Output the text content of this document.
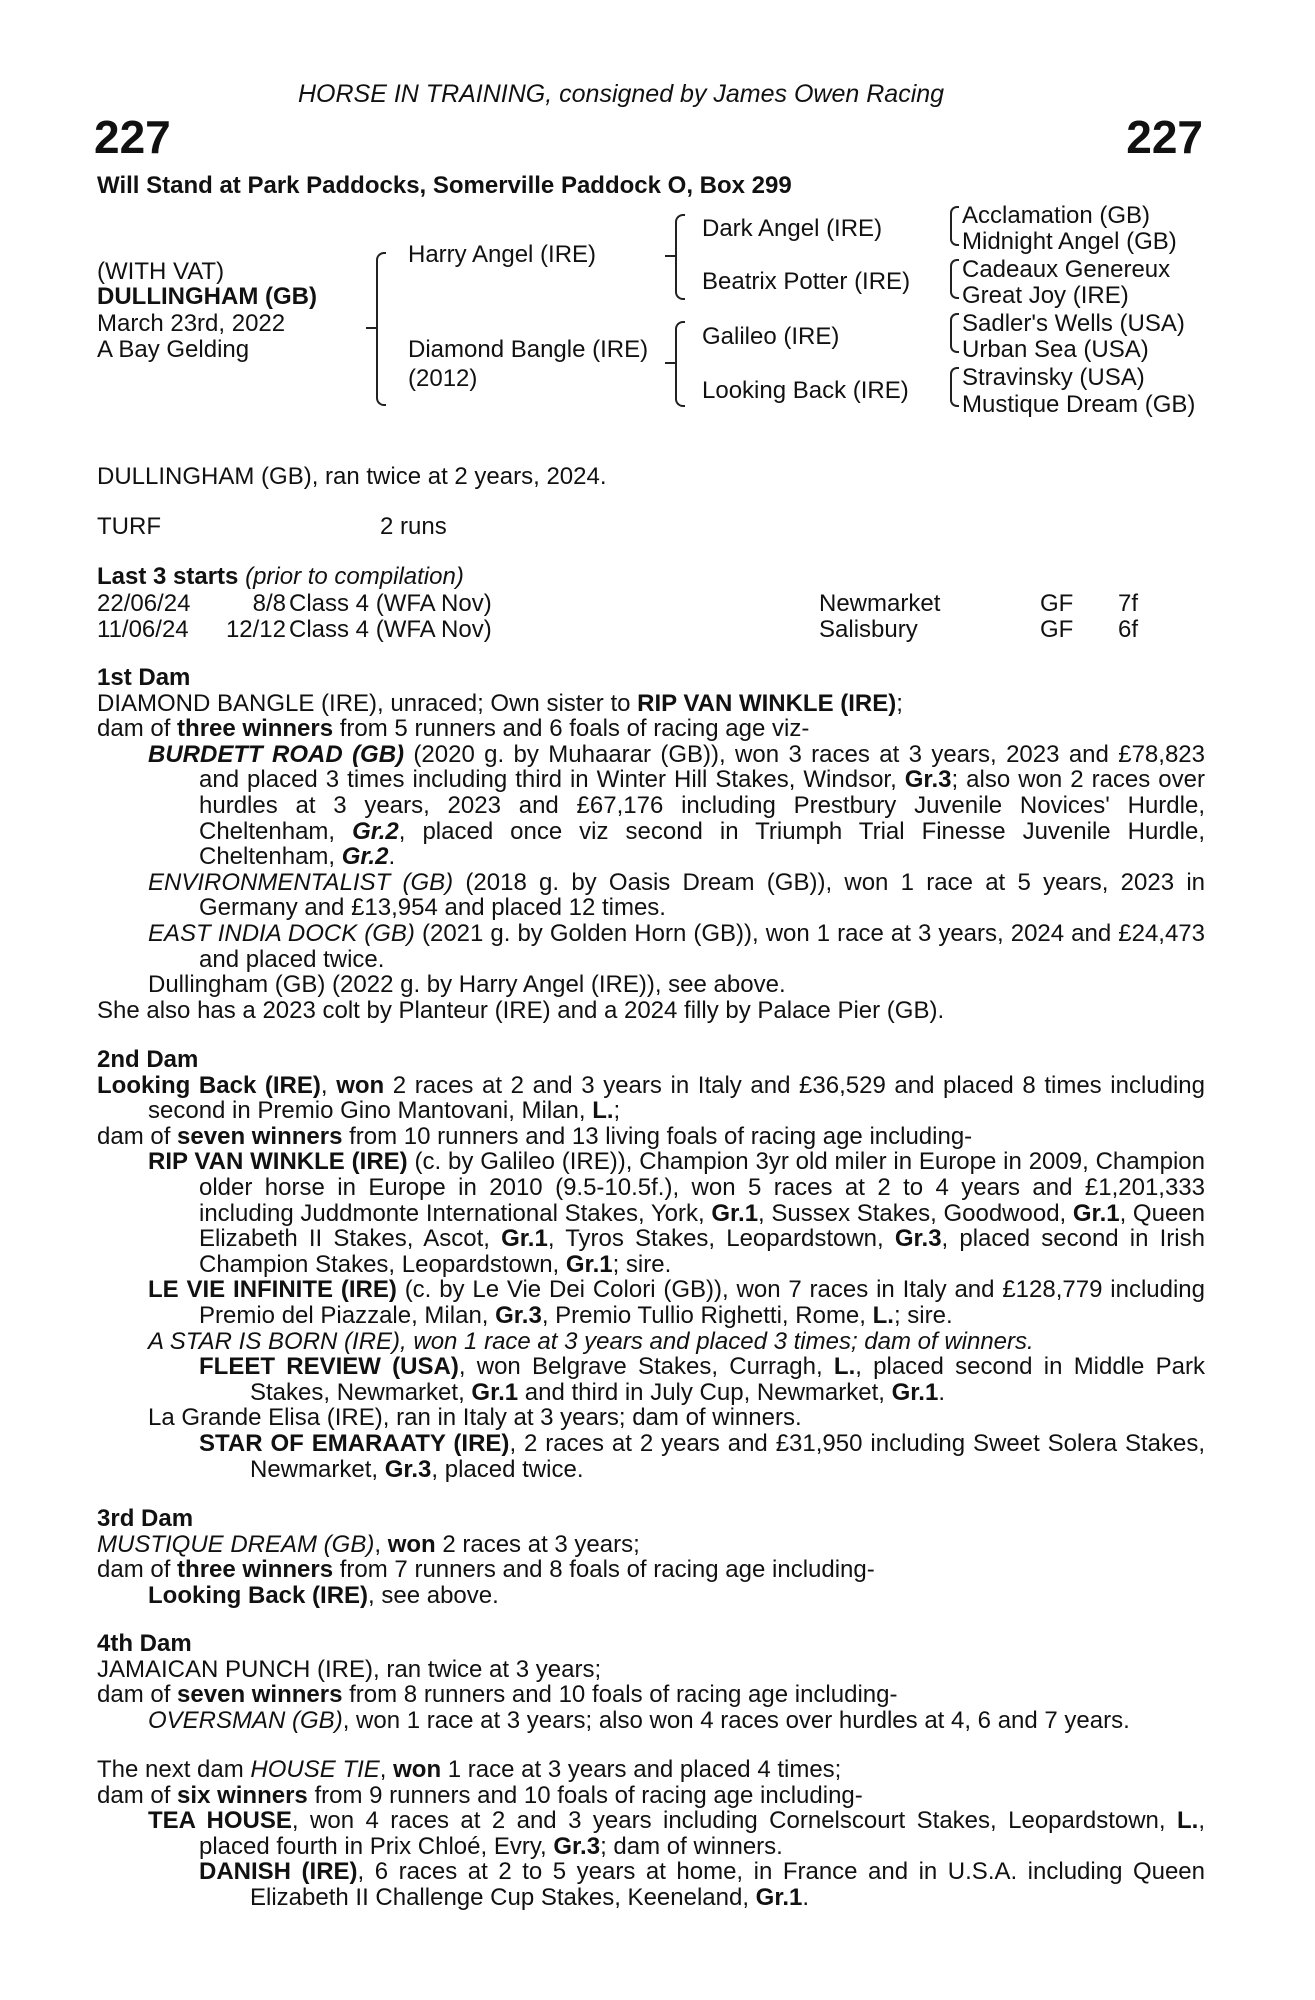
HORSE IN TRAINING, consigned by James Owen Racing
227	227
Will Stand at Park Paddocks, Somerville Paddock O, Box 299
(WITH VAT)
DULLINGHAM (GB)
March 23rd, 2022
A Bay Gelding
Harry Angel (IRE)
Diamond Bangle (IRE)
(2012)
Dark Angel (IRE)
Beatrix Potter (IRE)
Galileo (IRE)
Looking Back (IRE)
Acclamation (GB)
Midnight Angel (GB)
Cadeaux Genereux
Great Joy (IRE)
Sadler's Wells (USA)
Urban Sea (USA)
Stravinsky (USA)
Mustique Dream (GB)
DULLINGHAM (GB), ran twice at 2 years, 2024.
TURF	2 runs
Last 3 starts (prior to compilation)
22/06/24	8/8 Class 4 (WFA Nov)	Newmarket	GF 7f
11/06/24 12/12 Class 4 (WFA Nov)	Salisbury	GF 6f

1st Dam

DIAMOND BANGLE (IRE), unraced; Own sister to RIP VAN WINKLE (IRE);

dam of three winners from 5 runners and 6 foals of racing age viz-

BURDETT ROAD (GB) (2020 g. by Muhaarar (GB)), won 3 races at 3 years, 2023 and £78,823 and placed 3 times including third in Winter Hill Stakes, Windsor, Gr.3; also won 2 races over hurdles at 3 years, 2023 and £67,176 including Prestbury Juvenile Novices' Hurdle, Cheltenham, Gr.2, placed once viz second in Triumph Trial Finesse Juvenile Hurdle, Cheltenham, Gr.2.

ENVIRONMENTALIST (GB) (2018 g. by Oasis Dream (GB)), won 1 race at 5 years, 2023 in Germany and £13,954 and placed 12 times.

EAST INDIA DOCK (GB) (2021 g. by Golden Horn (GB)), won 1 race at 3 years, 2024 and £24,473 and placed twice.

Dullingham (GB) (2022 g. by Harry Angel (IRE)), see above.

She also has a 2023 colt by Planteur (IRE) and a 2024 filly by Palace Pier (GB).

2nd Dam

Looking Back (IRE), won 2 races at 2 and 3 years in Italy and £36,529 and placed 8 times including second in Premio Gino Mantovani, Milan, L.;

dam of seven winners from 10 runners and 13 living foals of racing age including-

RIP VAN WINKLE (IRE) (c. by Galileo (IRE)), Champion 3yr old miler in Europe in 2009, Champion older horse in Europe in 2010 (9.5-10.5f.), won 5 races at 2 to 4 years and £1,201,333 including Juddmonte International Stakes, York, Gr.1, Sussex Stakes, Goodwood, Gr.1, Queen Elizabeth II Stakes, Ascot, Gr.1, Tyros Stakes, Leopardstown, Gr.3, placed second in Irish Champion Stakes, Leopardstown, Gr.1; sire.

LE VIE INFINITE (IRE) (c. by Le Vie Dei Colori (GB)), won 7 races in Italy and £128,779 including Premio del Piazzale, Milan, Gr.3, Premio Tullio Righetti, Rome, L.; sire.

A STAR IS BORN (IRE), won 1 race at 3 years and placed 3 times; dam of winners.

FLEET REVIEW (USA), won Belgrave Stakes, Curragh, L., placed second in Middle Park Stakes, Newmarket, Gr.1 and third in July Cup, Newmarket, Gr.1.

La Grande Elisa (IRE), ran in Italy at 3 years; dam of winners.

STAR OF EMARAATY (IRE), 2 races at 2 years and £31,950 including Sweet Solera Stakes, Newmarket, Gr.3, placed twice.

3rd Dam

MUSTIQUE DREAM (GB), won 2 races at 3 years;

dam of three winners from 7 runners and 8 foals of racing age including-

Looking Back (IRE), see above.

4th Dam

JAMAICAN PUNCH (IRE), ran twice at 3 years;

dam of seven winners from 8 runners and 10 foals of racing age including-

OVERSMAN (GB), won 1 race at 3 years; also won 4 races over hurdles at 4, 6 and 7 years.

The next dam HOUSE TIE, won 1 race at 3 years and placed 4 times;

dam of six winners from 9 runners and 10 foals of racing age including-

TEA HOUSE, won 4 races at 2 and 3 years including Cornelscourt Stakes, Leopardstown, L., placed fourth in Prix Chloé, Evry, Gr.3; dam of winners.

DANISH (IRE), 6 races at 2 to 5 years at home, in France and in U.S.A. including Queen Elizabeth II Challenge Cup Stakes, Keeneland, Gr.1.
